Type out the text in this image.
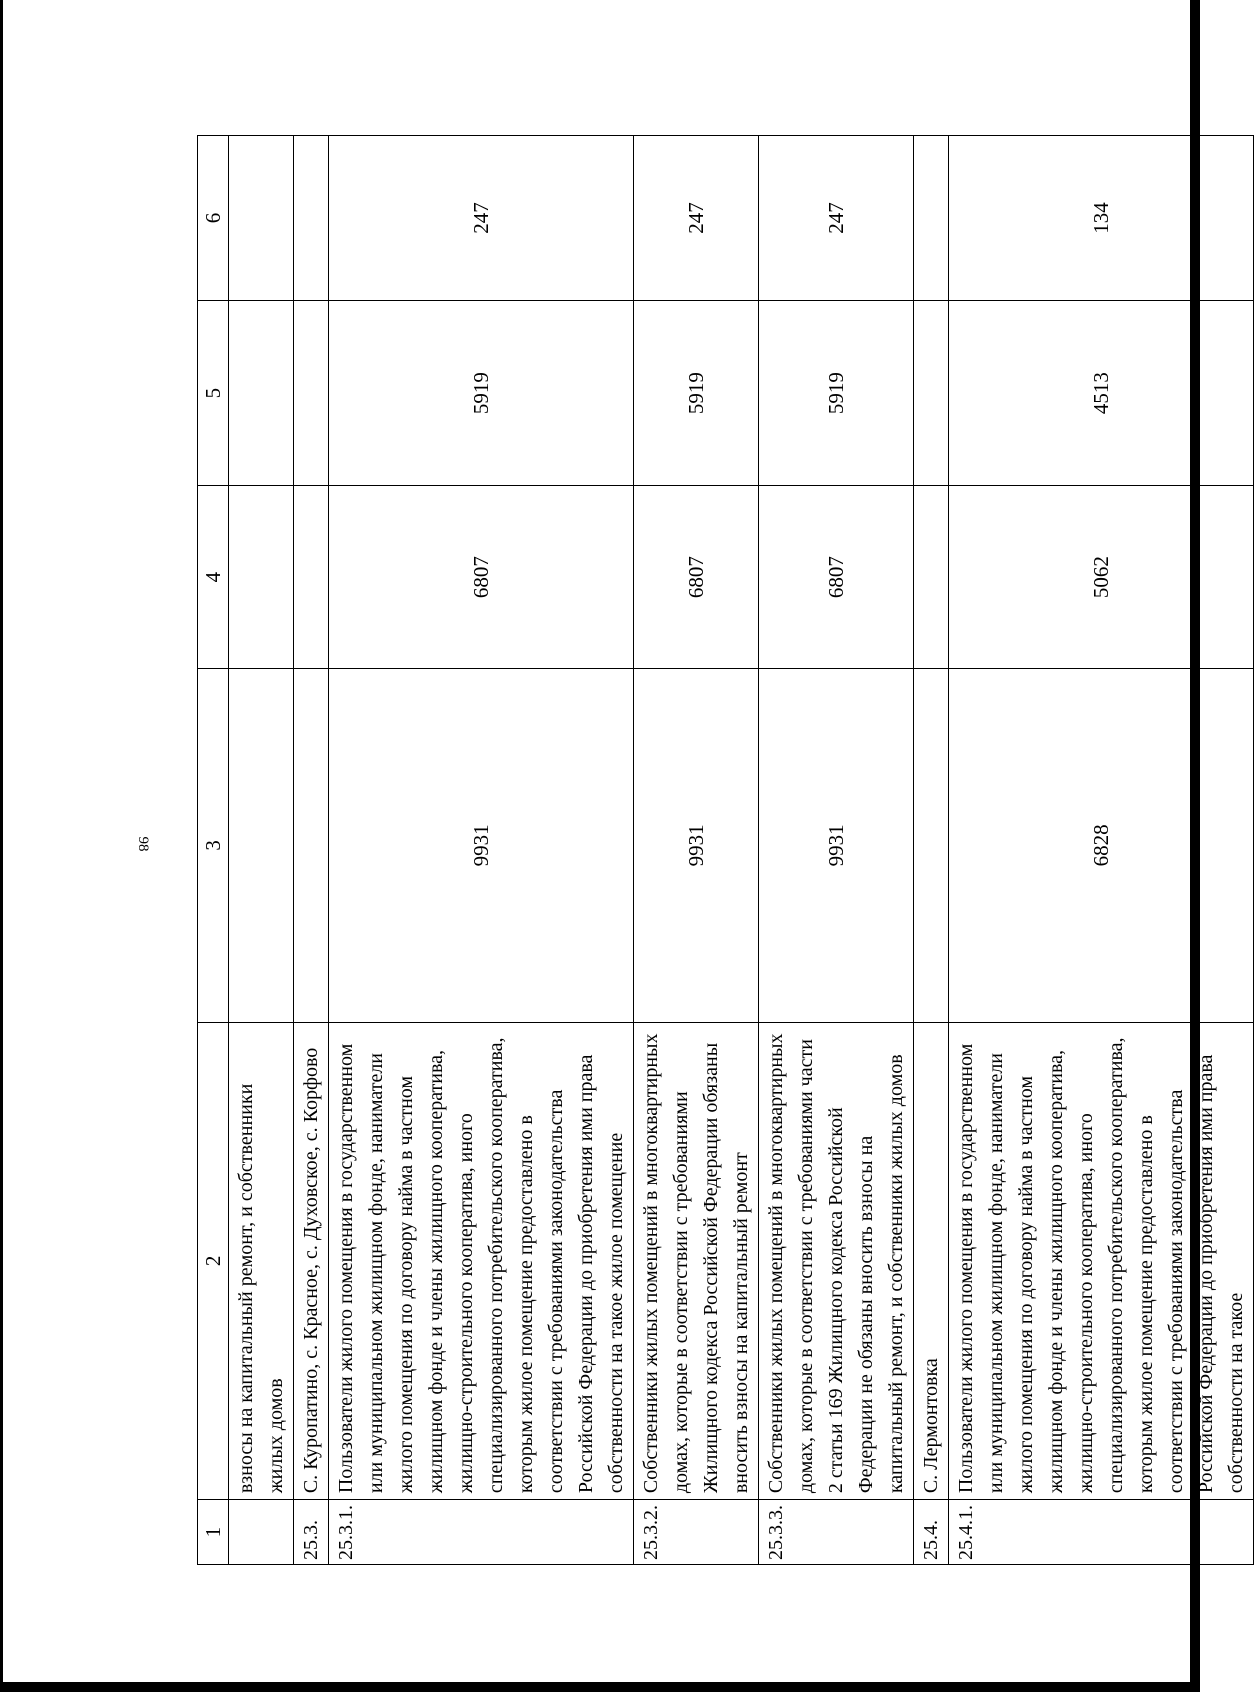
98
1	2	3	4	5	6
	взносы на капитальный ремонт, и собственники жилых домов				
25.3.	С. Куропатино, с. Красное, с. Духовское, с. Корфово				
25.3.1.	Пользователи жилого помещения в государственном или муниципальном жилищном фонде, наниматели жилого помещения по договору найма в частном жилищном фонде и члены жилищного кооператива, жилищно-строительного кооператива, иного специализированного потребительского кооператива, которым жилое помещение предоставлено в соответствии с требованиями законодательства Российской Федерации до приобретения ими права собственности на такое жилое помещение	9931	6807	5919	247
25.3.2.	Собственники жилых помещений в многоквартирных домах, которые в соответствии с требованиями Жилищного кодекса Российской Федерации обязаны вносить взносы на капитальный ремонт	9931	6807	5919	247
25.3.3.	Собственники жилых помещений в многоквартирных домах, которые в соответствии с требованиями части 2 статьи 169 Жилищного кодекса Российской Федерации не обязаны вносить взносы на капитальный ремонт, и собственники жилых домов	9931	6807	5919	247
25.4.	С. Лермонтовка				
25.4.1.	Пользователи жилого помещения в государственном или муниципальном жилищном фонде, наниматели жилого помещения по договору найма в частном жилищном фонде и члены жилищного кооператива, жилищно-строительного кооператива, иного специализированного потребительского кооператива, которым жилое помещение предоставлено в соответствии с требованиями законодательства Российской Федерации до приобретения ими права собственности на такое	6828	5062	4513	134
